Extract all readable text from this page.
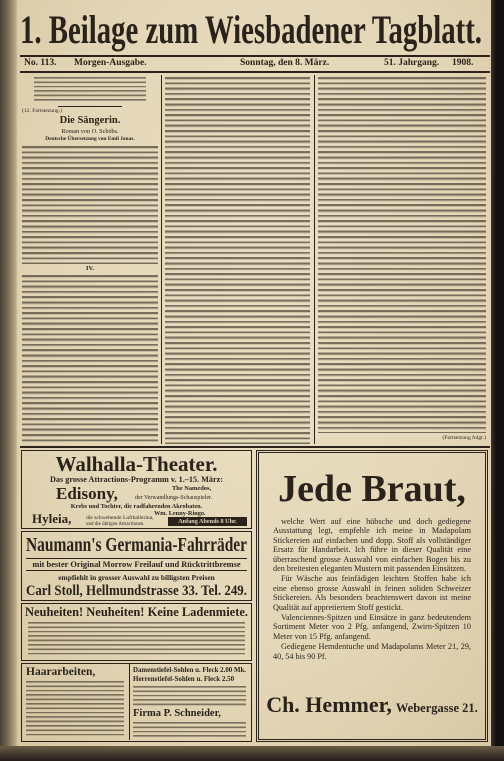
1. Beilage zum Wiesbadener Tagblatt.
No. 113. Morgen-Ausgabe.	Sonntag, den 8. März.	51. Jahrgang. 1908.
(12. Fortsetzung.)
Die Sängerin.
Roman von O. Schöbs.
Deutsche Übersetzung von Emil Jonas.
IV.
(Fortsetzung folgt.)
Walhalla-Theater.
Das grosse Attractions-Programm v. 1.–15. März:
Edisony,	The Namedos,
der Verwandlungs-Schauspieler.
Krebs und Tochter, die radfahrenden Akrobaten.
Wm. Lenny-Ringo.
Hyleia,	die schwebende Luftballerina,
und die übrigen Attractionen.	Anfang Abends 8 Uhr.
Naumann's Germania-Fahrräder
mit bester Original Morrow Freilauf und Rücktrittbremse
empfiehlt in grosser Auswahl zu billigsten Preisen
Carl Stoll, Hellmundstrasse 33. Tel. 249.
Neuheiten! Neuheiten! Keine Ladenmiete.
Haararbeiten,	Damenstiefel-Sohlen u. Fleck 2.00 Mk.
Herrenstiefel-Sohlen u. Fleck 2.50
Firma P. Schneider,
Jede Braut,

welche Wert auf eine hübsche und doch gediegene Ausstattung legt, empfehle ich meine in Madapolam Stickereien auf einfachen und dopp. Stoff als vollständiger Ersatz für Handarbeit. Ich führe in dieser Qualität eine überraschend grosse Auswahl von einfachen Bogen bis zu den breitesten eleganten Mustern mit passenden Einsätzen.

Für Wäsche aus feinfädigen leichten Stoffen habe ich eine ebenso grosse Auswahl in feinen soliden Schweizer Stickereien. Als besonders beachtenswert davon ist meine Qualität auf appretiertem Stoff gestickt.

Valenciennes-Spitzen und Einsätze in ganz bedeutendem Sortiment Meter von 2 Pfg. anfangend, Zwirn-Spitzen 10 Meter von 15 Pfg. anfangend.

Gediegene Hemdentuche und Madapolams Meter 21, 29, 40, 54 bis 90 Pf.

Ch. Hemmer, Webergasse 21.
